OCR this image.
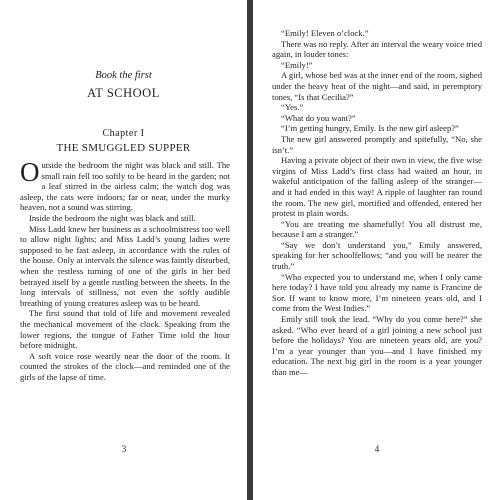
Book the first
AT SCHOOL
Chapter I
THE SMUGGLED SUPPER

Outside the bedroom the night was black and still. The small rain fell too softly to be heard in the garden; not a leaf stirred in the airless calm; the watch dog was asleep, the cats were indoors; far or near, under the murky heaven, not a sound was stirring.

Inside the bedroom the night was black and still.

Miss Ladd knew her business as a schoolmistress too well to allow night lights; and Miss Ladd’s young ladies were supposed to be fast asleep, in accordance with the rules of the house. Only at intervals the silence was faintly disturbed, when the restless turning of one of the girls in her bed betrayed itself by a gentle rustling between the sheets. In the long intervals of stillness, not even the softly audible breathing of young creatures asleep was to be heard.

The first sound that told of life and movement revealed the mechanical movement of the clock. Speaking from the lower regions, the tongue of Father Time told the hour before midnight.

A soft voice rose wearily near the door of the room. It counted the strokes of the clock—and reminded one of the girls of the lapse of time.

3

“Emily! Eleven o’clock.”

There was no reply. After an interval the weary voice tried again, in louder tones:

“Emily!”

A girl, whose bed was at the inner end of the room, sighed under the heavy heat of the night—and said, in peremptory tones, “Is that Cecilia?”

“Yes.”

“What do you want?”

“I’m getting hungry, Emily. Is the new girl asleep?”

The new girl answered promptly and spitefully, “No, she isn’t.”

Having a private object of their own in view, the five wise virgins of Miss Ladd’s first class had waited an hour, in wakeful anticipation of the falling asleep of the stranger—and it had ended in this way! A ripple of laughter ran round the room. The new girl, mortified and offended, entered her protest in plain words.

“You are treating me shamefully! You all distrust me, because I am a stranger.”

“Say we don’t understand you,” Emily answered, speaking for her schoolfellows; “and you will be nearer the truth.”

“Who expected you to understand me, when I only came here today? I have told you already my name is Francine de Sor. If want to know more, I’m nineteen years old, and I come from the West Indies.”

Emily still took the lead. “Why do you come here?” she asked. “Who ever heard of a girl joining a new school just before the holidays? You are nineteen years old, are you? I’m a year younger than you—and I have finished my education. The next big girl in the room is a year younger than me—

4
